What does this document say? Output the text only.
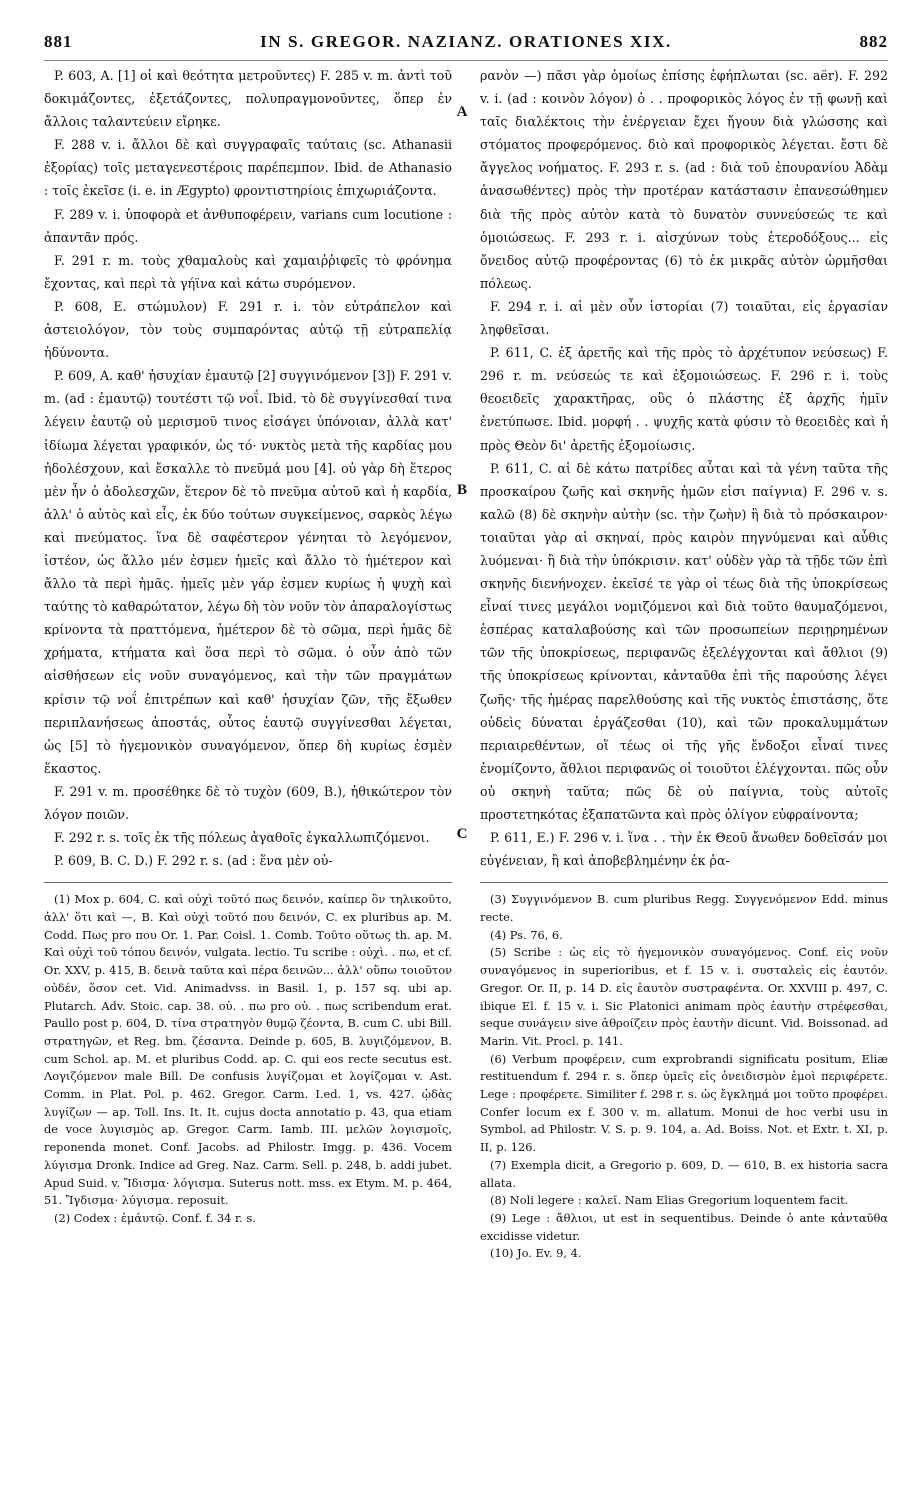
881	IN S. GREGOR. NAZIANZ. ORATIONES XIX.	882
A
B
C

P. 603, A. [1] οἱ καὶ θεότητα μετροῦντες) F. 285 v. m. ἀντὶ τοῦ δοκιμάζοντες, ἐξετάζοντες, πολυπραγμονοῦντες, ὅπερ ἐν ἄλλοις ταλαντεύειν εἴρηκε.

F. 288 v. i. ἄλλοι δὲ καὶ συγγραφαῖς ταύταις (sc. Athanasii ἐξορίας) τοῖς μεταγενεστέροις παρέπεμπον. Ibid. de Athanasio : τοῖς ἐκεῖσε (i. e. in Ægypto) φροντιστηρίοις ἐπιχωριάζοντα.

F. 289 v. i. ὑποφορὰ et ἀνθυποφέρειν, varians cum locutione : ἀπαντᾶν πρός.

F. 291 r. m. τοὺς χθαμαλοὺς καὶ χαμαιῤῥιφεῖς τὸ φρόνημα ἔχοντας, καὶ περὶ τὰ γήϊνα καὶ κάτω συρόμενον.

P. 608, E. στώμυλον) F. 291 r. i. τὸν εὐτράπελον καὶ ἀστειολόγον, τὸν τοὺς συμπαρόντας αὐτῷ τῇ εὐτραπελίᾳ ἡδύνοντα.

P. 609, A. καθ' ἡσυχίαν ἐμαυτῷ [2] συγγινόμενον [3]) F. 291 v. m. (ad : ἐμαυτῷ) τουτέστι τῷ νοΐ. Ibid. τὸ δὲ συγγίνεσθαί τινα λέγειν ἑαυτῷ οὐ μερισμοῦ τινος εἰσάγει ὑπόνοιαν, ἀλλὰ κατ' ἰδίωμα λέγεται γραφικόν, ὡς τό· νυκτὸς μετὰ τῆς καρδίας μου ἠδολέσχουν, καὶ ἔσκαλλε τὸ πνεῦμά μου [4]. οὐ γὰρ δὴ ἕτερος μὲν ἦν ὁ ἀδολεσχῶν, ἕτερον δὲ τὸ πνεῦμα αὐτοῦ καὶ ἡ καρδία, ἀλλ' ὁ αὐτὸς καὶ εἷς, ἐκ δύο τούτων συγκείμενος, σαρκὸς λέγω καὶ πνεύματος. ἵνα δὲ σαφέστερον γένηται τὸ λεγόμενον, ἰστέον, ὡς ἄλλο μέν ἐσμεν ἡμεῖς καὶ ἄλλο τὸ ἡμέτερον καὶ ἄλλο τὰ περὶ ἡμᾶς. ἡμεῖς μὲν γάρ ἐσμεν κυρίως ἡ ψυχὴ καὶ ταύτης τὸ καθαρώτατον, λέγω δὴ τὸν νοῦν τὸν ἀπαραλογίστως κρίνοντα τὰ πραττόμενα, ἡμέτερον δὲ τὸ σῶμα, περὶ ἡμᾶς δὲ χρήματα, κτήματα καὶ ὅσα περὶ τὸ σῶμα. ὁ οὖν ἀπὸ τῶν αἰσθήσεων εἰς νοῦν συναγόμενος, καὶ τὴν τῶν πραγμάτων κρίσιν τῷ νοΐ ἐπιτρέπων καὶ καθ' ἡσυχίαν ζῶν, τῆς ἔξωθεν περιπλανήσεως ἀποστάς, οὗτος ἑαυτῷ συγγίνεσθαι λέγεται, ὡς [5] τὸ ἡγεμονικὸν συναγόμενον, ὅπερ δὴ κυρίως ἐσμὲν ἕκαστος.

F. 291 v. m. προσέθηκε δὲ τὸ τυχὸν (609, B.), ἠθικώτερον τὸν λόγον ποιῶν.

F. 292 r. s. τοῖς ἐκ τῆς πόλεως ἀγαθοῖς ἐγκαλλωπιζόμενοι.

P. 609, B. C. D.) F. 292 r. s. (ad : ἕνα μὲν οὐ-

(1) Mox p. 604, C. καὶ οὐχὶ τοῦτό πως δεινόν, καίπερ ὂν τηλικοῦτο, ἀλλ' ὅτι καὶ —, B. Καὶ οὐχὶ τοῦτό που δεινόν, C. ex pluribus ap. M. Codd. Πως pro που Or. 1. Par. Coisl. 1. Comb. Τοῦτο οὕτως th. ap. M. Καὶ οὐχὶ τοῦ τόπου δεινόν, vulgata. lectio. Tu scribe : οὐχὶ. . πω, et cf. Or. XXV, p. 415, B. δεινὰ ταῦτα καὶ πέρα δεινῶν... ἀλλ' οὔπω τοιοῦτον οὐδέν, ὅσον cet. Vid. Animadvss. in Basil. 1, p. 157 sq. ubi ap. Plutarch. Adv. Stoic. cap. 38. οὐ. . πω pro οὐ. . πως scribendum erat. Paullo post p. 604, D. τίνα στρατηγὸν θυμῷ ζέοντα, B. cum C. ubi Bill. στρατηγῶν, et Reg. bm. ζέσαντα. Deinde p. 605, B. λυγιζόμενον, B. cum Schol. ap. M. et pluribus Codd. ap. C. qui eos recte secutus est. Λογιζόμενον male Bill. De confusis λυγίζομαι et λογίζομαι v. Ast. Comm. in Plat. Pol. p. 462. Gregor. Carm. I.ed. 1, vs. 427. ᾠδὰς λυγίζων — ap. Toll. Ins. It. It. cujus docta annotatio p. 43, qua etiam de voce λυγισμὸς ap. Gregor. Carm. Iamb. III. μελῶν λογισμοῖς, reponenda monet. Conf. Jacobs. ad Philostr. Imgg. p. 436. Vocem λύγισμα Dronk. Indice ad Greg. Naz. Carm. Sell. p. 248, b. addi jubet. Apud Suid. v. Ἴδισμα· λόγισμα. Suterus nott. mss. ex Etym. M. p. 464, 51. Ἴγδισμα· λύγισμα. reposuit.

(2) Codex : ἐμάυτῷ. Conf. f. 34 r. s.

ρανὸν —) πᾶσι γὰρ ὁμοίως ἐπίσης ἐφήπλωται (sc. aër). F. 292 v. i. (ad : κοινὸν λόγον) ὁ . . προφορικὸς λόγος ἐν τῇ φωνῇ καὶ ταῖς διαλέκτοις τὴν ἐνέργειαν ἔχει ἤγουν διὰ γλώσσης καὶ στόματος προφερόμενος. διὸ καὶ προφορικὸς λέγεται. ἔστι δὲ ἄγγελος νοήματος. F. 293 r. s. (ad : διὰ τοῦ ἐπουρανίου Ἀδὰμ ἀνασωθέντες) πρὸς τὴν προτέραν κατάστασιν ἐπανεσώθημεν διὰ τῆς πρὸς αὐτὸν κατὰ τὸ δυνατὸν συννεύσεώς τε καὶ ὁμοιώσεως. F. 293 r. i. αἰσχύνων τοὺς ἑτεροδόξους... εἰς ὄνειδος αὐτῷ προφέροντας (6) τὸ ἐκ μικρᾶς αὐτὸν ὡρμῆσθαι πόλεως.

F. 294 r. i. αἱ μὲν οὖν ἱστορίαι (7) τοιαῦται, εἰς ἐργασίαν ληφθεῖσαι.

P. 611, C. ἐξ ἀρετῆς καὶ τῆς πρὸς τὸ ἀρχέτυπον νεύσεως) F. 296 r. m. νεύσεώς τε καὶ ἐξομοιώσεως. F. 296 r. i. τοὺς θεοειδεῖς χαρακτῆρας, οὓς ὁ πλάστης ἐξ ἀρχῆς ἡμῖν ἐνετύπωσε. Ibid. μορφή . . ψυχῆς κατὰ φύσιν τὸ θεοειδὲς καὶ ἡ πρὸς Θεὸν δι' ἀρετῆς ἐξομοίωσις.

P. 611, C. αἱ δὲ κάτω πατρίδες αὗται καὶ τὰ γένη ταῦτα τῆς προσκαίρου ζωῆς καὶ σκηνῆς ἡμῶν εἰσι παίγνια) F. 296 v. s. καλῶ (8) δὲ σκηνὴν αὐτὴν (sc. τὴν ζωὴν) ἢ διὰ τὸ πρόσκαιρον· τοιαῦται γὰρ αἱ σκηναί, πρὸς καιρὸν πηγνύμεναι καὶ αὖθις λυόμεναι· ἢ διὰ τὴν ὑπόκρισιν. κατ' οὐδὲν γὰρ τὰ τῇδε τῶν ἐπὶ σκηνῆς διενήνοχεν. ἐκεῖσέ τε γὰρ οἱ τέως διὰ τῆς ὑποκρίσεως εἶναί τινες μεγάλοι νομιζόμενοι καὶ διὰ τοῦτο θαυμαζόμενοι, ἑσπέρας καταλαβούσης καὶ τῶν προσωπείων περιῃρημένων τῶν τῆς ὑποκρίσεως, περιφανῶς ἐξελέγχονται καὶ ἄθλιοι (9) τῆς ὑποκρίσεως κρίνονται, κἀνταῦθα ἐπὶ τῆς παρούσης λέγει ζωῆς· τῆς ἡμέρας παρελθούσης καὶ τῆς νυκτὸς ἐπιστάσης, ὅτε οὐδεὶς δύναται ἐργάζεσθαι (10), καὶ τῶν προκαλυμμάτων περιαιρεθέντων, οἵ τέως οἱ τῆς γῆς ἔνδοξοι εἶναί τινες ἐνομίζοντο, ἄθλιοι περιφανῶς οἱ τοιοῦτοι ἐλέγχονται. πῶς οὖν οὐ σκηνὴ ταῦτα; πῶς δὲ οὐ παίγνια, τοὺς αὐτοῖς προστετηκότας ἐξαπατῶντα καὶ πρὸς ὀλίγον εὐφραίνοντα;

P. 611, E.) F. 296 v. i. ἵνα . . τὴν ἐκ Θεοῦ ἄνωθεν δοθεῖσάν μοι εὐγένειαν, ἢ καὶ ἀποβεβλημένην ἐκ ῥα-

(3) Συγγινόμενον B. cum pluribus Regg. Συγγενόμενον Edd. minus recte.

(4) Ps. 76, 6.

(5) Scribe : ὡς εἰς τὸ ἡγεμονικὸν συναγόμενος. Conf. εἰς νοῦν συναγόμενος in superioribus, et f. 15 v. i. συσταλεὶς εἰς ἑαυτόν. Gregor. Or. II, p. 14 D. εἰς ἑαυτὸν συστραφέντα. Or. XXVIII p. 497, C. ibique El. f. 15 v. i. Sic Platonici animam πρὸς ἑαυτὴν στρέφεσθαι, seque συνάγειν sive ἀθροίζειν πρὸς ἑαυτὴν dicunt. Vid. Boissonad. ad Marin. Vit. Procl. p. 141.

(6) Verbum προφέρειν, cum exprobrandi significatu positum, Eliæ restituendum f. 294 r. s. ὅπερ ὑμεῖς εἰς ὀνειδισμὸν ἐμοὶ περιφέρετε. Lege : προφέρετε. Similiter f. 298 r. s. ὡς ἔγκλημά μοι τοῦτο προφέρει. Confer locum ex f. 300 v. m. allatum. Monui de hoc verbi usu in Symbol. ad Philostr. V. S. p. 9. 104, a. Ad. Boiss. Not. et Extr. t. XI, p. II, p. 126.

(7) Exempla dicit, a Gregorio p. 609, D. — 610, B. ex historia sacra allata.

(8) Noli legere : καλεῖ. Nam Elias Gregorium loquentem facit.

(9) Lege : ἄθλιοι, ut est in sequentibus. Deinde ὁ ante κἀνταῦθα excidisse videtur.

(10) Jo. Ev. 9, 4.
